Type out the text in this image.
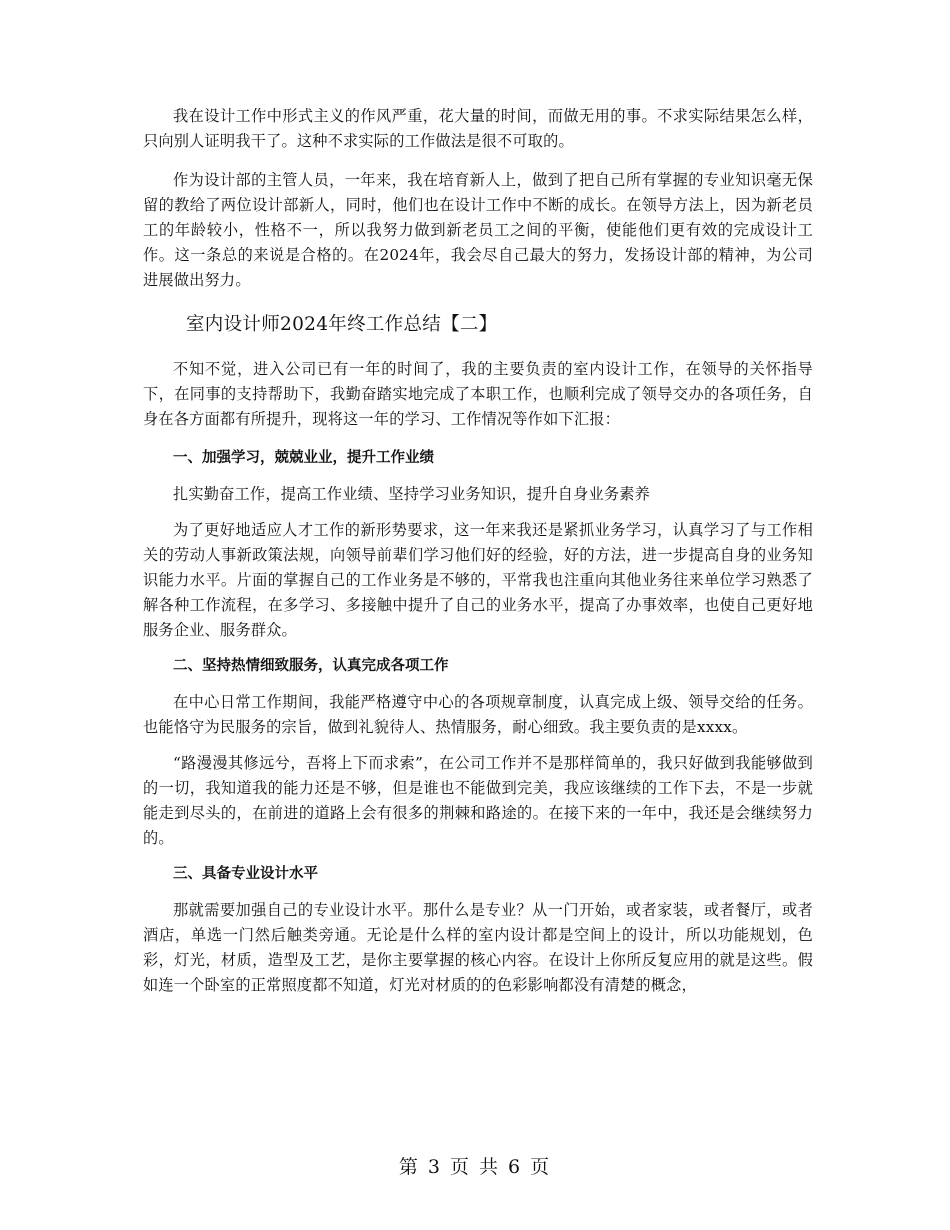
我在设计工作中形式主义的作风严重，花大量的时间，而做无用的事。不求实际结果怎么样，只向别人证明我干了。这种不求实际的工作做法是很不可取的。

作为设计部的主管人员，一年来，我在培育新人上，做到了把自己所有掌握的专业知识毫无保留的教给了两位设计部新人，同时，他们也在设计工作中不断的成长。在领导方法上，因为新老员工的年龄较小，性格不一，所以我努力做到新老员工之间的平衡，使能他们更有效的完成设计工作。这一条总的来说是合格的。在2024年，我会尽自己最大的努力，发扬设计部的精神，为公司进展做出努力。

室内设计师2024年终工作总结【二】

不知不觉，进入公司已有一年的时间了，我的主要负责的室内设计工作，在领导的关怀指导下，在同事的支持帮助下，我勤奋踏实地完成了本职工作，也顺利完成了领导交办的各项任务，自身在各方面都有所提升，现将这一年的学习、工作情况等作如下汇报：

一、加强学习，兢兢业业，提升工作业绩

扎实勤奋工作，提高工作业绩、坚持学习业务知识，提升自身业务素养

为了更好地适应人才工作的新形势要求，这一年来我还是紧抓业务学习，认真学习了与工作相关的劳动人事新政策法规，向领导前辈们学习他们好的经验，好的方法，进一步提高自身的业务知识能力水平。片面的掌握自己的工作业务是不够的，平常我也注重向其他业务往来单位学习熟悉了解各种工作流程，在多学习、多接触中提升了自己的业务水平，提高了办事效率，也使自己更好地服务企业、服务群众。

二、坚持热情细致服务，认真完成各项工作

在中心日常工作期间，我能严格遵守中心的各项规章制度，认真完成上级、领导交给的任务。也能恪守为民服务的宗旨，做到礼貌待人、热情服务，耐心细致。我主要负责的是xxxx。

“路漫漫其修远兮，吾将上下而求索”，在公司工作并不是那样简单的，我只好做到我能够做到的一切，我知道我的能力还是不够，但是谁也不能做到完美，我应该继续的工作下去，不是一步就能走到尽头的，在前进的道路上会有很多的荆棘和路途的。在接下来的一年中，我还是会继续努力的。

三、具备专业设计水平

那就需要加强自己的专业设计水平。那什么是专业？从一门开始，或者家装，或者餐厅，或者酒店，单选一门然后触类旁通。无论是什么样的室内设计都是空间上的设计，所以功能规划，色彩，灯光，材质，造型及工艺，是你主要掌握的核心内容。在设计上你所反复应用的就是这些。假如连一个卧室的正常照度都不知道，灯光对材质的的色彩影响都没有清楚的概念，

第 3 页 共 6 页
